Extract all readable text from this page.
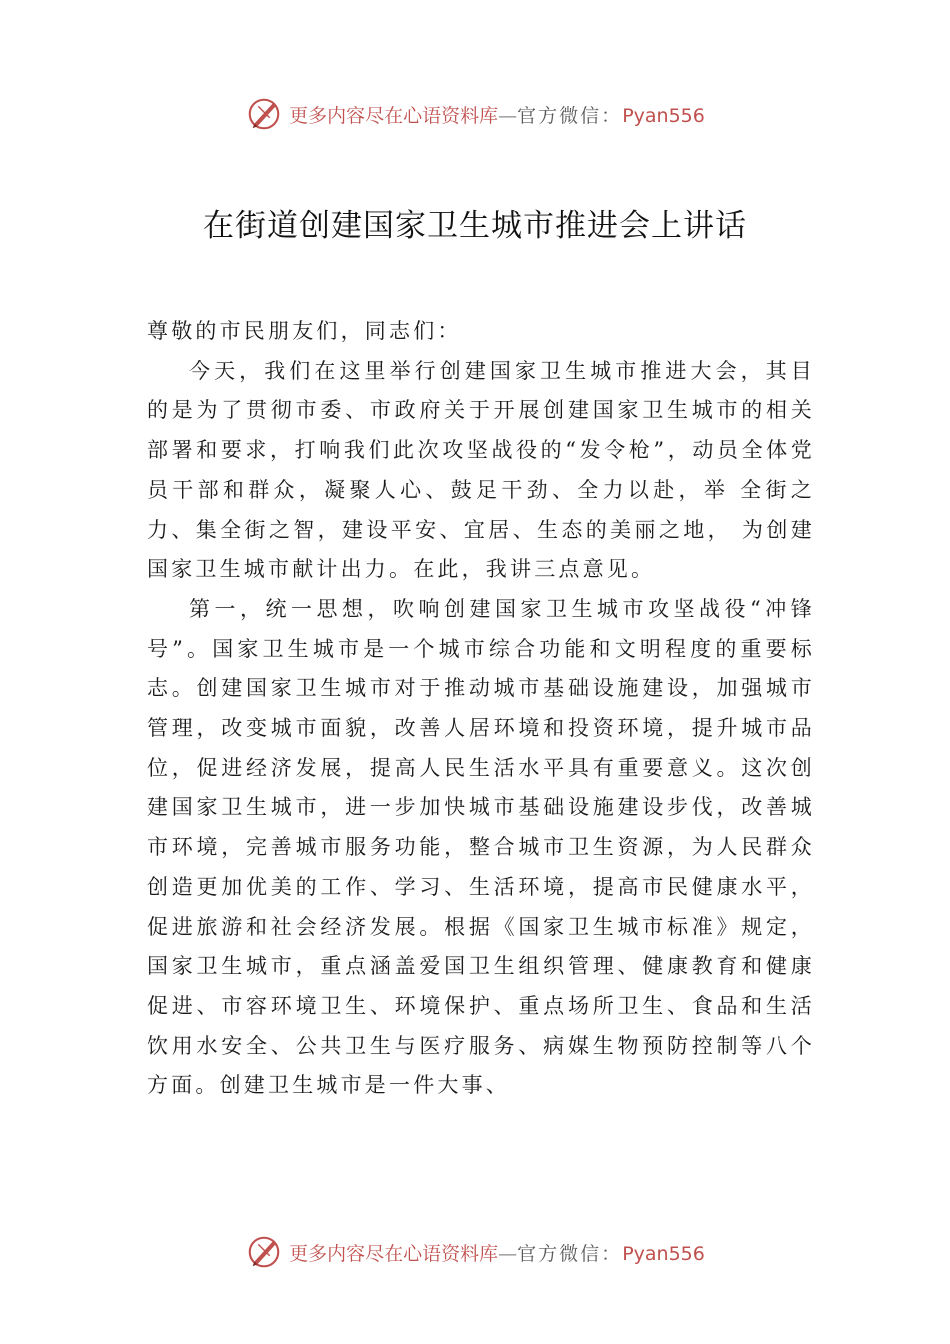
更多内容尽在心语资料库—官方微信：Pyan556
在街道创建国家卫生城市推进会上讲话

尊敬的市民朋友们，同志们：

今天，我们在这里举行创建国家卫生城市推进大会，其目的是为了贯彻市委、市政府关于开展创建国家卫生城市的相关部署和要求，打响我们此次攻坚战役的“发令枪”，动员全体党员干部和群众，凝聚人心、鼓足干劲、全力以赴，举 全街之力、集全街之智，建设平安、宜居、生态的美丽之地， 为创建国家卫生城市献计出力。在此，我讲三点意见。

第一，统一思想，吹响创建国家卫生城市攻坚战役“冲锋号”。国家卫生城市是一个城市综合功能和文明程度的重要标志。创建国家卫生城市对于推动城市基础设施建设，加强城市管理，改变城市面貌，改善人居环境和投资环境，提升城市品位，促进经济发展，提高人民生活水平具有重要意义。这次创建国家卫生城市，进一步加快城市基础设施建设步伐，改善城市环境，完善城市服务功能，整合城市卫生资源，为人民群众创造更加优美的工作、学习、生活环境，提高市民健康水平，促进旅游和社会经济发展。根据《国家卫生城市标准》规定，国家卫生城市，重点涵盖爱国卫生组织管理、健康教育和健康促进、市容环境卫生、环境保护、重点场所卫生、食品和生活饮用水安全、公共卫生与医疗服务、病媒生物预防控制等八个方面。创建卫生城市是一件大事、

更多内容尽在心语资料库—官方微信：Pyan556
